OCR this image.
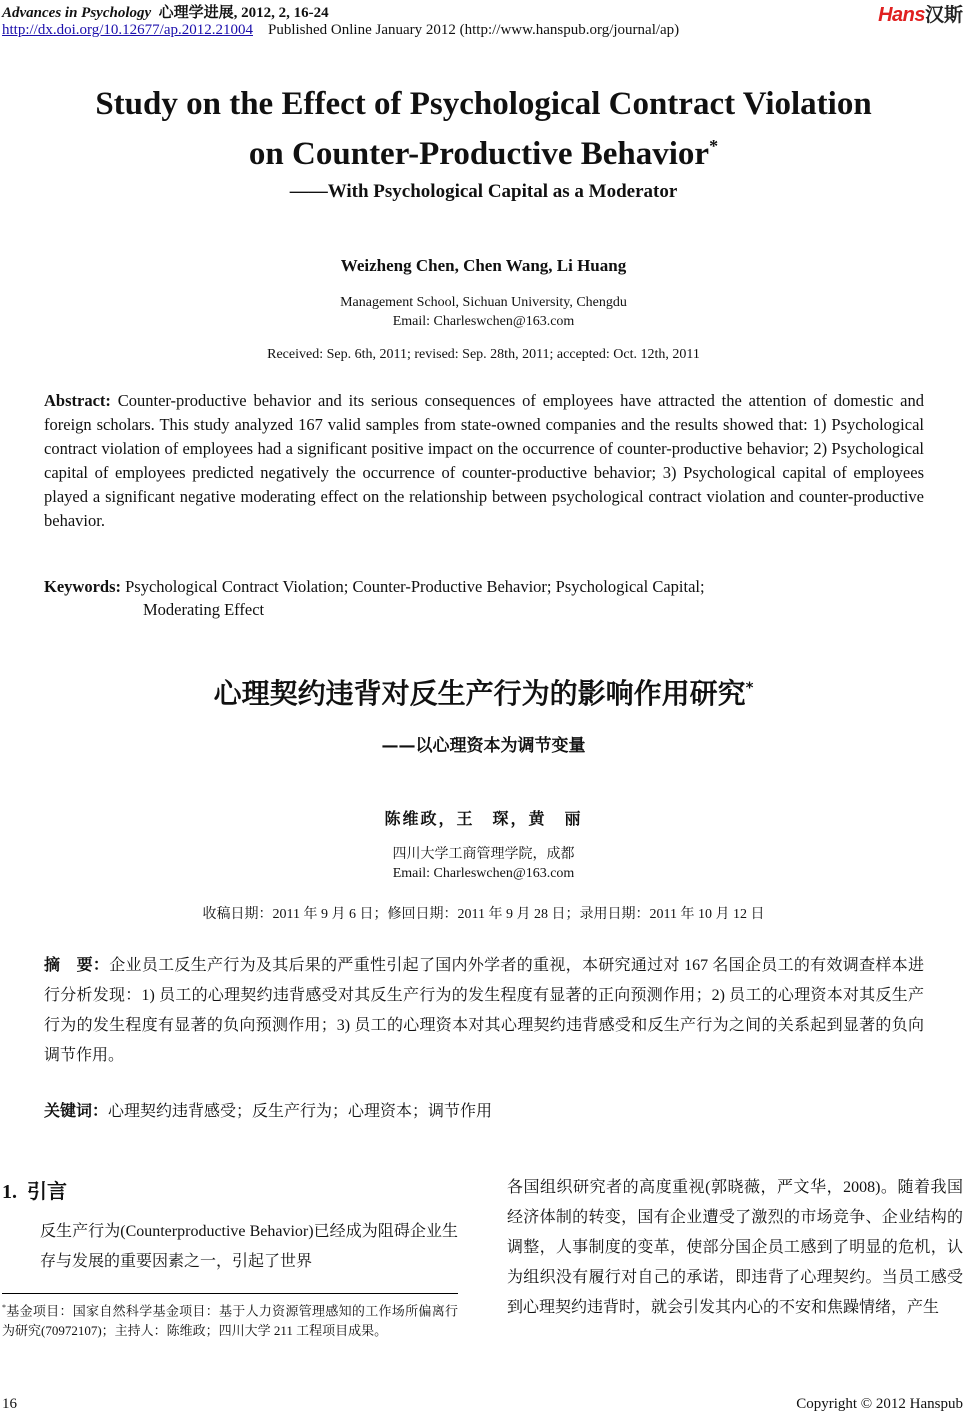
Advances in Psychology 心理学进展, 2012, 2, 16-24
http://dx.doi.org/10.12677/ap.2012.21004 Published Online January 2012 (http://www.hanspub.org/journal/ap)
Hans汉斯
Study on the Effect of Psychological Contract Violation
on Counter-Productive Behavior*
——With Psychological Capital as a Moderator
Weizheng Chen, Chen Wang, Li Huang
Management School, Sichuan University, Chengdu
Email: Charleswchen@163.com
Received: Sep. 6th, 2011; revised: Sep. 28th, 2011; accepted: Oct. 12th, 2011
Abstract: Counter-productive behavior and its serious consequences of employees have attracted the attention of domestic and foreign scholars. This study analyzed 167 valid samples from state-owned companies and the results showed that: 1) Psychological contract violation of employees had a significant positive impact on the occurrence of counter-productive behavior; 2) Psychological capital of employees predicted negatively the occurrence of counter-productive behavior; 3) Psychological capital of employees played a significant negative moderating effect on the relationship between psychological contract violation and counter-productive behavior.
Keywords: Psychological Contract Violation; Counter-Productive Behavior; Psychological Capital;
Moderating Effect
心理契约违背对反生产行为的影响作用研究*
——以心理资本为调节变量
陈维政，王　琛，黄　丽
四川大学工商管理学院，成都
Email: Charleswchen@163.com
收稿日期：2011 年 9 月 6 日；修回日期：2011 年 9 月 28 日；录用日期：2011 年 10 月 12 日
摘　要：企业员工反生产行为及其后果的严重性引起了国内外学者的重视，本研究通过对 167 名国企员工的有效调查样本进行分析发现：1) 员工的心理契约违背感受对其反生产行为的发生程度有显著的正向预测作用；2) 员工的心理资本对其反生产行为的发生程度有显著的负向预测作用；3) 员工的心理资本对其心理契约违背感受和反生产行为之间的关系起到显著的负向调节作用。
关键词：心理契约违背感受；反生产行为；心理资本；调节作用
1. 引言
反生产行为(Counterproductive Behavior)已经成为阻碍企业生存与发展的重要因素之一，引起了世界
*基金项目：国家自然科学基金项目：基于人力资源管理感知的工作场所偏离行为研究(70972107)；主持人：陈维政；四川大学 211 工程项目成果。
各国组织研究者的高度重视(郭晓薇，严文华，2008)。随着我国经济体制的转变，国有企业遭受了激烈的市场竞争、企业结构的调整，人事制度的变革，使部分国企员工感到了明显的危机，认为组织没有履行对自己的承诺，即违背了心理契约。当员工感受到心理契约违背时，就会引发其内心的不安和焦躁情绪，产生
16	Copyright © 2012 Hanspub
